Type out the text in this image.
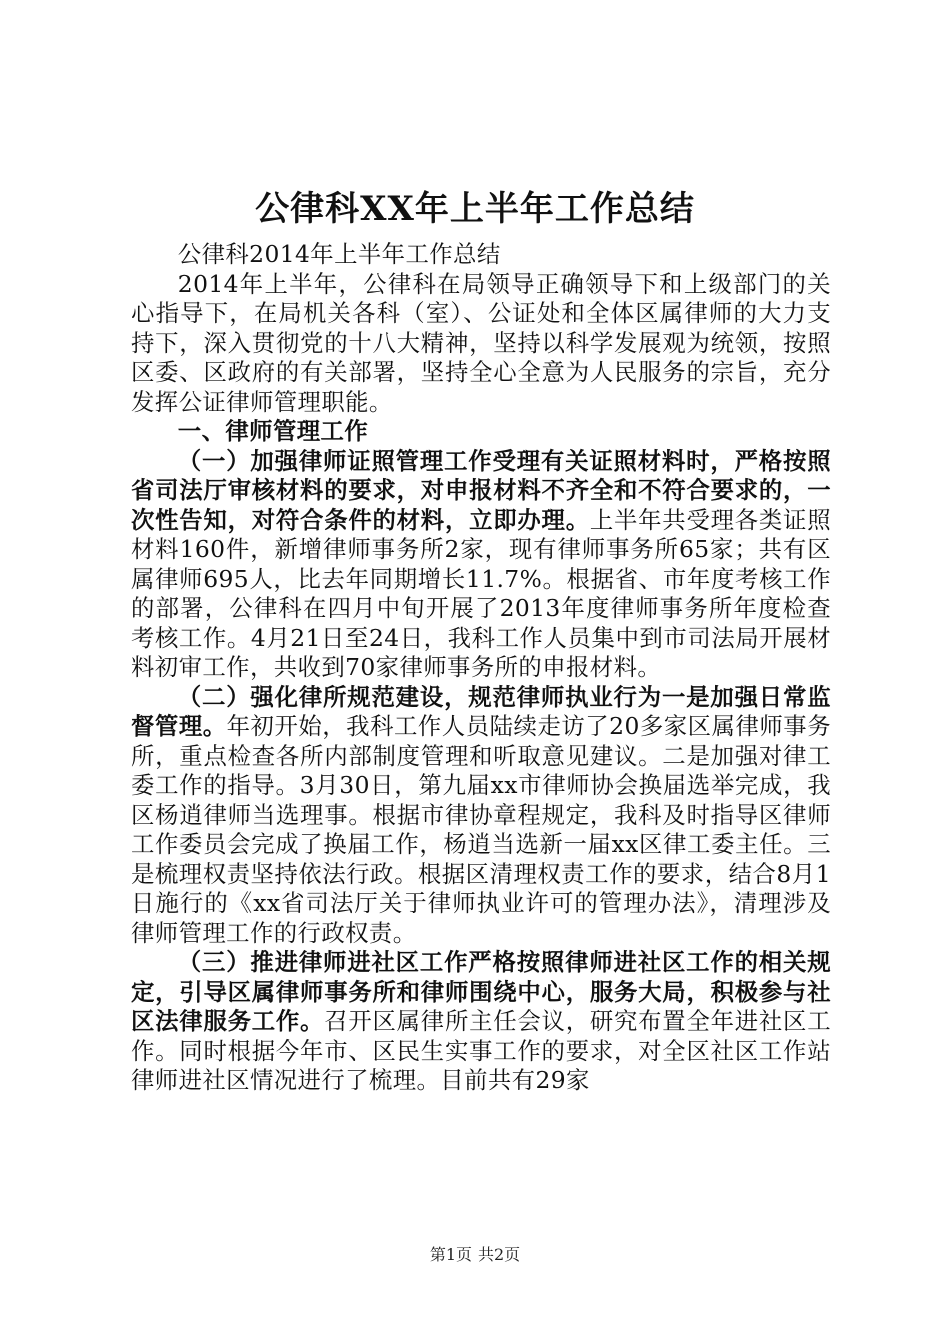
公律科XX年上半年工作总结

公律科2014年上半年工作总结

2014年上半年，公律科在局领导正确领导下和上级部门的关心指导下，在局机关各科（室）、公证处和全体区属律师的大力支持下，深入贯彻党的十八大精神，坚持以科学发展观为统领，按照区委、区政府的有关部署，坚持全心全意为人民服务的宗旨，充分发挥公证律师管理职能。

一、律师管理工作

（一）加强律师证照管理工作受理有关证照材料时，严格按照省司法厅审核材料的要求，对申报材料不齐全和不符合要求的，一次性告知，对符合条件的材料，立即办理。上半年共受理各类证照材料160件，新增律师事务所2家，现有律师事务所65家；共有区属律师695人，比去年同期增长11.7%。根据省、市年度考核工作的部署，公律科在四月中旬开展了2013年度律师事务所年度检查考核工作。4月21日至24日，我科工作人员集中到市司法局开展材料初审工作，共收到70家律师事务所的申报材料。

（二）强化律所规范建设，规范律师执业行为一是加强日常监督管理。年初开始，我科工作人员陆续走访了20多家区属律师事务所，重点检查各所内部制度管理和听取意见建议。二是加强对律工委工作的指导。3月30日，第九届xx市律师协会换届选举完成，我区杨逍律师当选理事。根据市律协章程规定，我科及时指导区律师工作委员会完成了换届工作，杨逍当选新一届xx区律工委主任。三是梳理权责坚持依法行政。根据区清理权责工作的要求，结合8月1日施行的《xx省司法厅关于律师执业许可的管理办法》，清理涉及律师管理工作的行政权责。

（三）推进律师进社区工作严格按照律师进社区工作的相关规定，引导区属律师事务所和律师围绕中心，服务大局，积极参与社区法律服务工作。召开区属律所主任会议，研究布置全年进社区工作。同时根据今年市、区民生实事工作的要求，对全区社区工作站律师进社区情况进行了梳理。目前共有29家

第1页 共2页
